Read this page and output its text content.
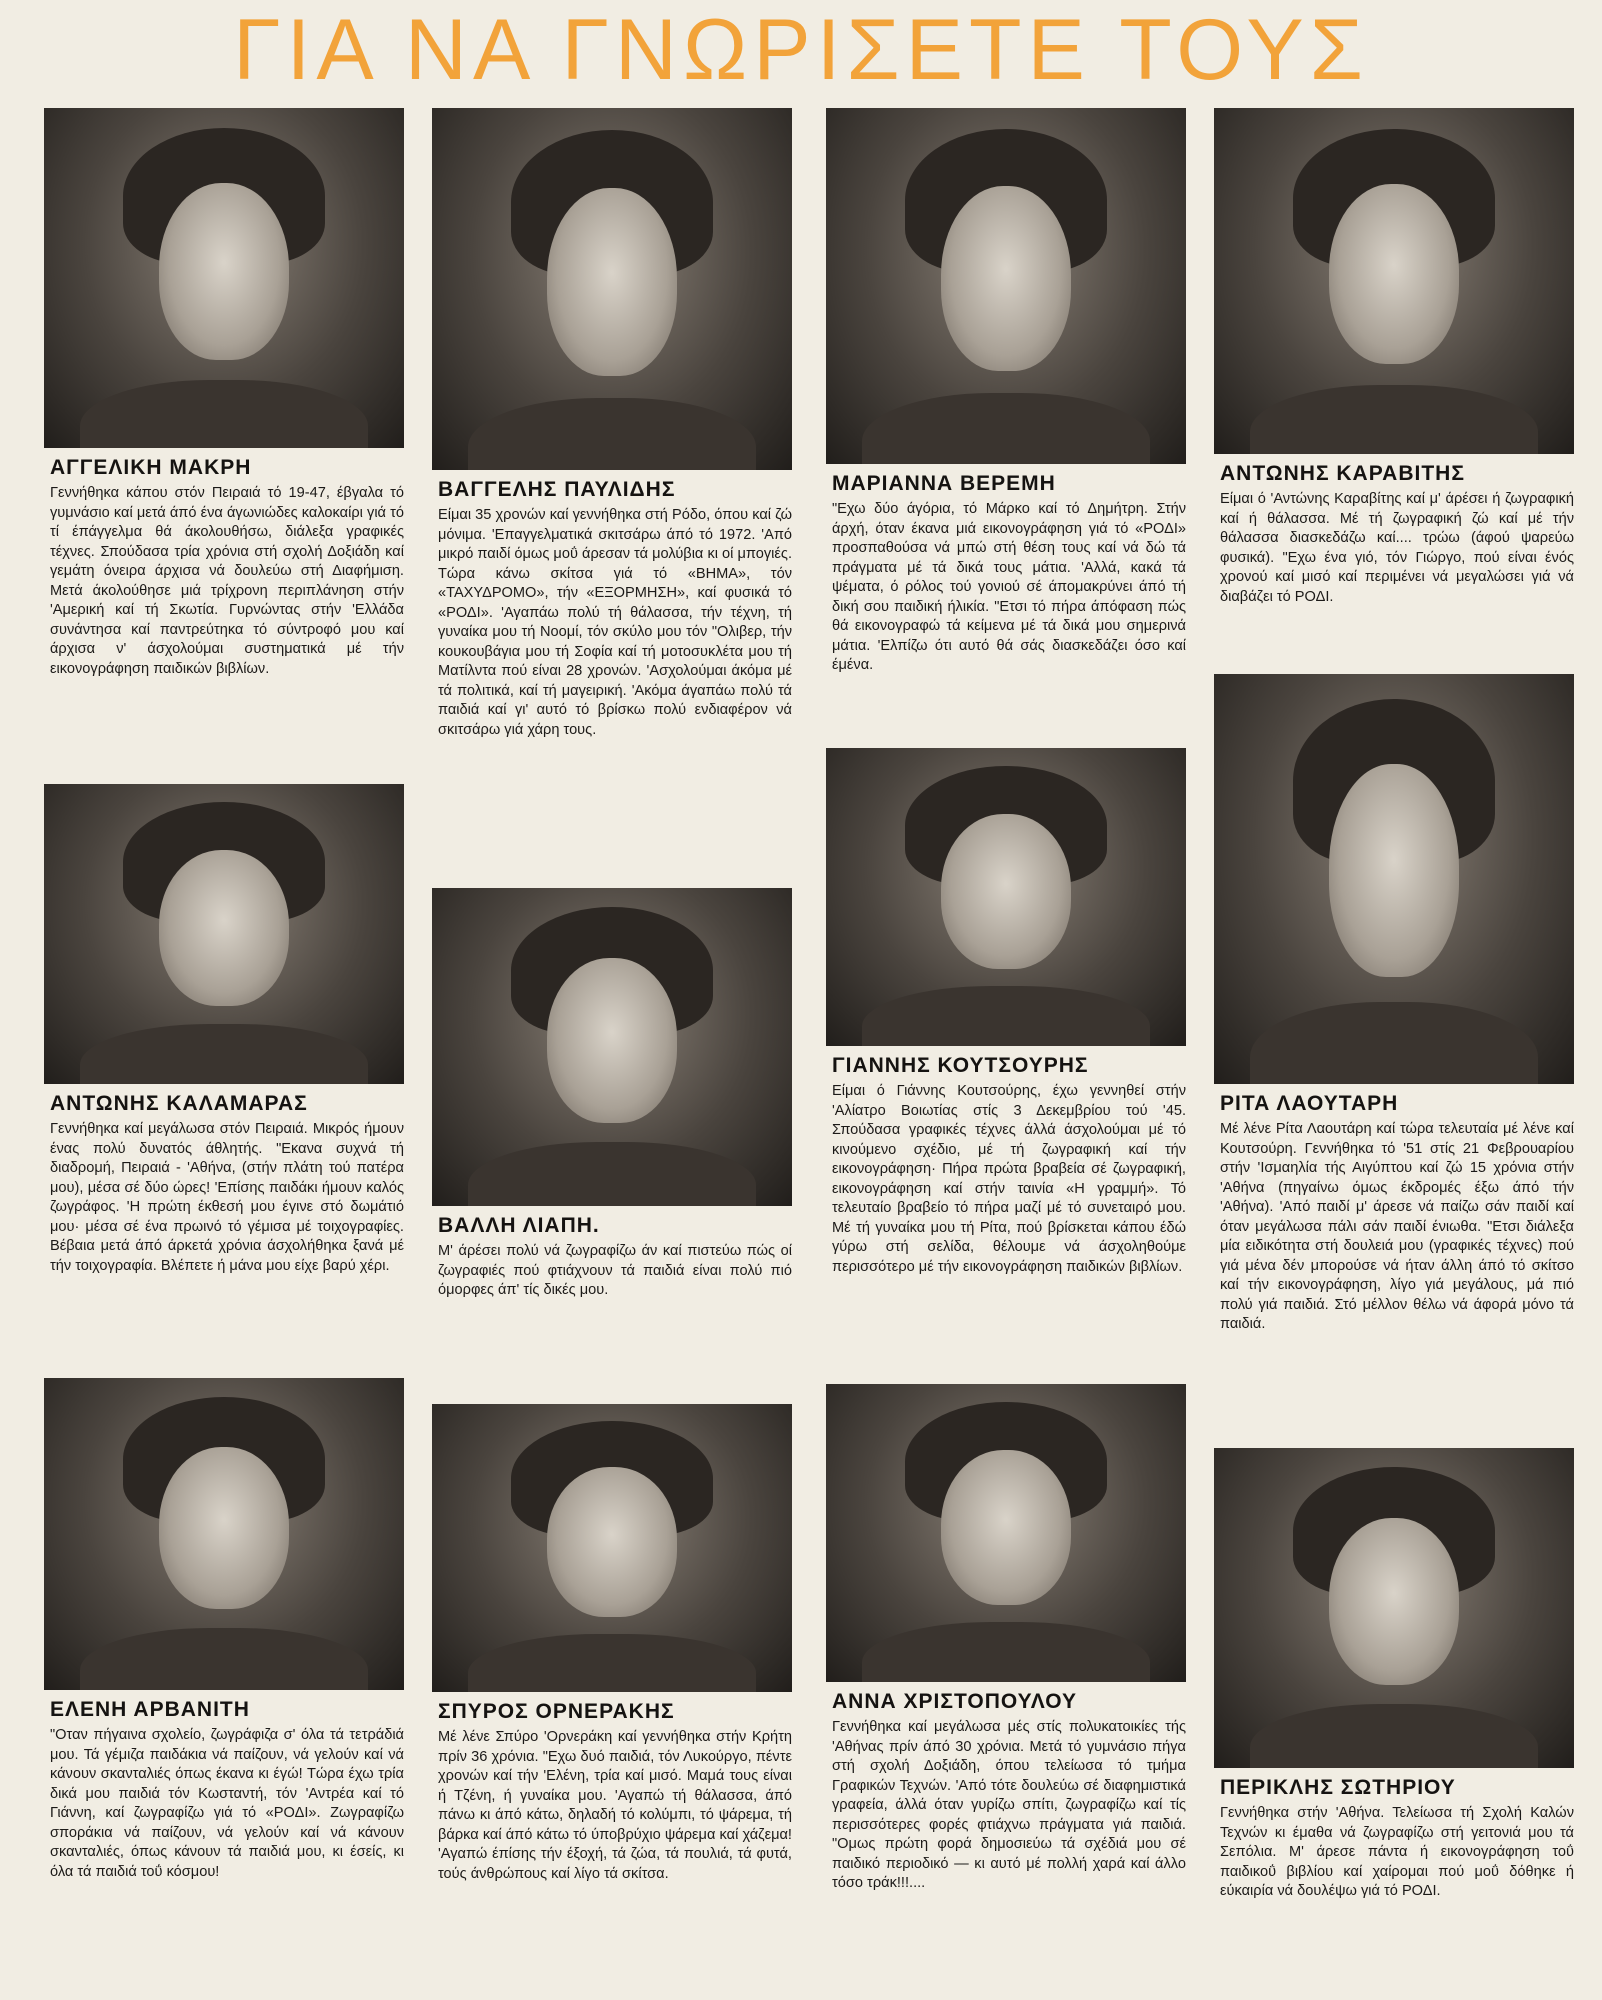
ΓΙΑ ΝΑ ΓΝΩΡΙΣΕΤΕ ΤΟΥΣ
ΑΓΓΕΛΙΚΗ ΜΑΚΡΗ
Γεννήθηκα κάπου στόν Πειραιά τό 19-47, έβγαλα τό γυμνάσιο καί μετά άπό ένα άγωνιώδες καλοκαίρι γιά τό τί έπάγγελμα θά άκολουθήσω, διάλεξα γραφικές τέχνες. Σπούδασα τρία χρόνια στή σχολή Δοξιάδη καί γεμάτη όνειρα άρχισα νά δουλεύω στή Διαφήμιση. Μετά άκολούθησε μιά τρίχρονη περιπλάνηση στήν 'Αμερική καί τή Σκωτία. Γυρνώντας στήν 'Ελλάδα συνάντησα καί παντρεύτηκα τό σύντροφό μου καί άρχισα ν' άσχολούμαι συστηματικά μέ τήν εικονογράφηση παιδικών βιβλίων.
ΑΝΤΩΝΗΣ ΚΑΛΑΜΑΡΑΣ
Γεννήθηκα καί μεγάλωσα στόν Πειραιά. Μικρός ήμουν ένας πολύ δυνατός άθλητής. "Εκανα συχνά τή διαδρομή, Πειραιά - 'Αθήνα, (στήν πλάτη τού πατέρα μου), μέσα σέ δύο ώρες! 'Επίσης παιδάκι ήμουν καλός ζωγράφος. 'Η πρώτη έκθεσή μου έγινε στό δωμάτιό μου· μέσα σέ ένα πρωινό τό γέμισα μέ τοιχογραφίες. Βέβαια μετά άπό άρκετά χρόνια άσχολήθηκα ξανά μέ τήν τοιχογραφία. Βλέπετε ή μάνα μου είχε βαρύ χέρι.
ΕΛΕΝΗ ΑΡΒΑΝΙΤΗ
"Οταν πήγαινα σχολείο, ζωγράφιζα σ' όλα τά τετράδιά μου. Τά γέμιζα παιδάκια νά παίζουν, νά γελούν καί νά κάνουν σκανταλιές όπως έκανα κι έγώ! Τώρα έχω τρία δικά μου παιδιά τόν Κωσταντή, τόν 'Αντρέα καί τό Γιάννη, καί ζωγραφίζω γιά τό «ΡΟΔΙ». Ζωγραφίζω σποράκια νά παίζουν, νά γελούν καί νά κάνουν σκανταλιές, όπως κάνουν τά παιδιά μου, κι έσείς, κι όλα τά παιδιά τοΰ κόσμου!
ΒΑΓΓΕΛΗΣ ΠΑΥΛΙΔΗΣ
Είμαι 35 χρονών καί γεννήθηκα στή Ρόδο, όπου καί ζώ μόνιμα. 'Επαγγελματικά σκιτσάρω άπό τό 1972. 'Από μικρό παιδί όμως μοΰ άρεσαν τά μολύβια κι οί μπογιές. Τώρα κάνω σκίτσα γιά τό «ΒΗΜΑ», τόν «ΤΑΧΥΔΡΟΜΟ», τήν «ΕΞΟΡΜΗΣΗ», καί φυσικά τό «ΡΟΔΙ». 'Αγαπάω πολύ τή θάλασσα, τήν τέχνη, τή γυναίκα μου τή Νοομί, τόν σκύλο μου τόν "Ολιβερ, τήν κουκουβάγια μου τή Σοφία καί τή μοτοσυκλέτα μου τή Ματίλντα πού είναι 28 χρονών. 'Ασχολούμαι άκόμα μέ τά πολιτικά, καί τή μαγειρική. 'Ακόμα άγαπάω πολύ τά παιδιά καί γι' αυτό τό βρίσκω πολύ ενδιαφέρον νά σκιτσάρω γιά χάρη τους.
ΒΑΛΛΗ ΛΙΑΠΗ.
Μ' άρέσει πολύ νά ζωγραφίζω άν καί πιστεύω πώς οί ζωγραφιές πού φτιάχνουν τά παιδιά είναι πολύ πιό όμορφες άπ' τίς δικές μου.
ΣΠΥΡΟΣ ΟΡΝΕΡΑΚΗΣ
Μέ λένε Σπύρο 'Ορνεράκη καί γεννήθηκα στήν Κρήτη πρίν 36 χρόνια. "Εχω δυό παιδιά, τόν Λυκούργο, πέντε χρονών καί τήν 'Ελένη, τρία καί μισό. Μαμά τους είναι ή Τζένη, ή γυναίκα μου. 'Αγαπώ τή θάλασσα, άπό πάνω κι άπό κάτω, δηλαδή τό κολύμπι, τό ψάρεμα, τή βάρκα καί άπό κάτω τό ύποβρύχιο ψάρεμα καί χάζεμα! 'Αγαπώ έπίσης τήν έξοχή, τά ζώα, τά πουλιά, τά φυτά, τούς άνθρώπους καί λίγο τά σκίτσα.
ΜΑΡΙΑΝΝΑ ΒΕΡΕΜΗ
"Εχω δύο άγόρια, τό Μάρκο καί τό Δημήτρη. Στήν άρχή, όταν έκανα μιά εικονογράφηση γιά τό «ΡΟΔΙ» προσπαθούσα νά μπώ στή θέση τους καί νά δώ τά πράγματα μέ τά δικά τους μάτια. 'Αλλά, κακά τά ψέματα, ό ρόλος τού γονιού σέ άπομακρύνει άπό τή δική σου παιδική ήλικία. "Ετσι τό πήρα άπόφαση πώς θά εικονογραφώ τά κείμενα μέ τά δικά μου σημερινά μάτια. 'Ελπίζω ότι αυτό θά σάς διασκεδάζει όσο καί έμένα.
ΓΙΑΝΝΗΣ ΚΟΥΤΣΟΥΡΗΣ
Είμαι ό Γιάννης Κουτσούρης, έχω γεννηθεί στήν 'Αλίατρο Βοιωτίας στίς 3 Δεκεμβρίου τού '45. Σπούδασα γραφικές τέχνες άλλά άσχολούμαι μέ τό κινούμενο σχέδιο, μέ τή ζωγραφική καί τήν εικονογράφηση· Πήρα πρώτα βραβεία σέ ζωγραφική, εικονογράφηση καί στήν ταινία «Η γραμμή». Τό τελευταίο βραβείο τό πήρα μαζί μέ τό συνεταιρό μου. Μέ τή γυναίκα μου τή Ρίτα, πού βρίσκεται κάπου έδώ γύρω στή σελίδα, θέλουμε νά άσχοληθούμε περισσότερο μέ τήν εικονογράφηση παιδικών βιβλίων.
ΑΝΝΑ ΧΡΙΣΤΟΠΟΥΛΟΥ
Γεννήθηκα καί μεγάλωσα μές στίς πολυκατοικίες τής 'Αθήνας πρίν άπό 30 χρόνια. Μετά τό γυμνάσιο πήγα στή σχολή Δοξιάδη, όπου τελείωσα τό τμήμα Γραφικών Τεχνών. 'Από τότε δουλεύω σέ διαφημιστικά γραφεία, άλλά όταν γυρίζω σπίτι, ζωγραφίζω καί τίς περισσότερες φορές φτιάχνω πράγματα γιά παιδιά. "Ομως πρώτη φορά δημοσιεύω τά σχέδιά μου σέ παιδικό περιοδικό — κι αυτό μέ πολλή χαρά καί άλλο τόσο τράκ!!!....
ΑΝΤΩΝΗΣ ΚΑΡΑΒΙΤΗΣ
Είμαι ό 'Αντώνης Καραβίτης καί μ' άρέσει ή ζωγραφική καί ή θάλασσα. Μέ τή ζωγραφική ζώ καί μέ τήν θάλασσα διασκεδάζω καί.... τρώω (άφού ψαρεύω φυσικά). "Εχω ένα γιό, τόν Γιώργο, πού είναι ένός χρονού καί μισό καί περιμένει νά μεγαλώσει γιά νά διαβάζει τό ΡΟΔΙ.
ΡΙΤΑ ΛΑΟΥΤΑΡΗ
Μέ λένε Ρίτα Λαουτάρη καί τώρα τελευταία μέ λένε καί Κουτσούρη. Γεννήθηκα τό '51 στίς 21 Φεβρουαρίου στήν 'Ισμαηλία τής Αιγύπτου καί ζώ 15 χρόνια στήν 'Αθήνα (πηγαίνω όμως έκδρομές έξω άπό τήν 'Αθήνα). 'Από παιδί μ' άρεσε νά παίζω σάν παιδί καί όταν μεγάλωσα πάλι σάν παιδί ένιωθα. "Ετσι διάλεξα μία ειδικότητα στή δουλειά μου (γραφικές τέχνες) πού γιά μένα δέν μπορούσε νά ήταν άλλη άπό τό σκίτσο καί τήν εικονογράφηση, λίγο γιά μεγάλους, μά πιό πολύ γιά παιδιά. Στό μέλλον θέλω νά άφορά μόνο τά παιδιά.
ΠΕΡΙΚΛΗΣ ΣΩΤΗΡΙΟΥ
Γεννήθηκα στήν 'Αθήνα. Τελείωσα τή Σχολή Καλών Τεχνών κι έμαθα νά ζωγραφίζω στή γειτονιά μου τά Σεπόλια. Μ' άρεσε πάντα ή εικονογράφηση τοΰ παιδικοΰ βιβλίου καί χαίρομαι πού μοΰ δόθηκε ή εύκαιρία νά δουλέψω γιά τό ΡΟΔΙ.
